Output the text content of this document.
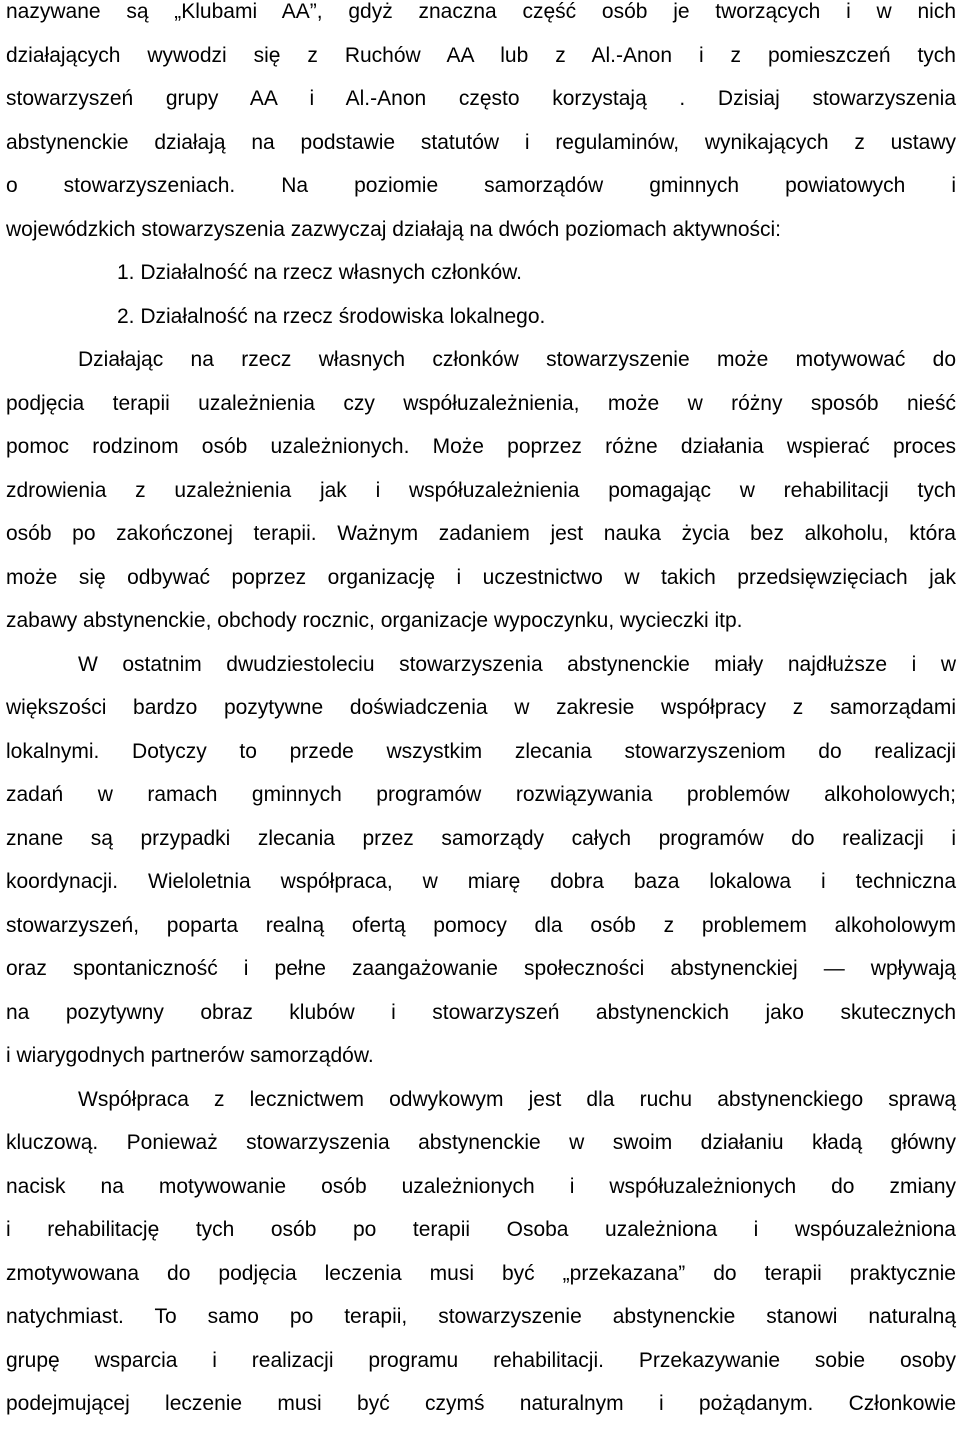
nazywane są „Klubami AA”, gdyż znaczna część osób je tworzących i w nich
działających wywodzi się z Ruchów AA lub z Al.-Anon i z pomieszczeń tych
stowarzyszeń grupy AA i Al.-Anon często korzystają . Dzisiaj stowarzyszenia
abstynenckie działają na podstawie statutów i regulaminów, wynikających z ustawy
o stowarzyszeniach. Na poziomie samorządów gminnych powiatowych i
wojewódzkich stowarzyszenia zazwyczaj działają na dwóch poziomach aktywności:
1. Działalność na rzecz własnych członków.
2. Działalność na rzecz środowiska lokalnego.
Działając na rzecz własnych członków stowarzyszenie może motywować do
podjęcia terapii uzależnienia czy współuzależnienia, może w różny sposób nieść
pomoc rodzinom osób uzależnionych. Może poprzez różne działania wspierać proces
zdrowienia z uzależnienia jak i współuzależnienia pomagając w rehabilitacji tych
osób po zakończonej terapii. Ważnym zadaniem jest nauka życia bez alkoholu, która
może się odbywać poprzez organizację i uczestnictwo w takich przedsięwzięciach jak
zabawy abstynenckie, obchody rocznic, organizacje wypoczynku, wycieczki itp.
W ostatnim dwudziestoleciu stowarzyszenia abstynenckie miały najdłuższe i w
większości bardzo pozytywne doświadczenia w zakresie współpracy z samorządami
lokalnymi. Dotyczy to przede wszystkim zlecania stowarzyszeniom do realizacji
zadań w ramach gminnych programów rozwiązywania problemów alkoholowych;
znane są przypadki zlecania przez samorządy całych programów do realizacji i
koordynacji. Wieloletnia współpraca, w miarę dobra baza lokalowa i techniczna
stowarzyszeń, poparta realną ofertą pomocy dla osób z problemem alkoholowym
oraz spontaniczność i pełne zaangażowanie społeczności abstynenckiej — wpływają
na pozytywny obraz klubów i stowarzyszeń abstynenckich jako skutecznych
i wiarygodnych partnerów samorządów.
Współpraca z lecznictwem odwykowym jest dla ruchu abstynenckiego sprawą
kluczową. Ponieważ stowarzyszenia abstynenckie w swoim działaniu kładą główny
nacisk na motywowanie osób uzależnionych i współuzależnionych do zmiany
i rehabilitację tych osób po terapii Osoba uzależniona i wspóuzależniona
zmotywowana do podjęcia leczenia musi być „przekazana” do terapii praktycznie
natychmiast. To samo po terapii, stowarzyszenie abstynenckie stanowi naturalną
grupę wsparcia i realizacji programu rehabilitacji. Przekazywanie sobie osoby
podejmującej leczenie musi być czymś naturalnym i pożądanym. Członkowie
